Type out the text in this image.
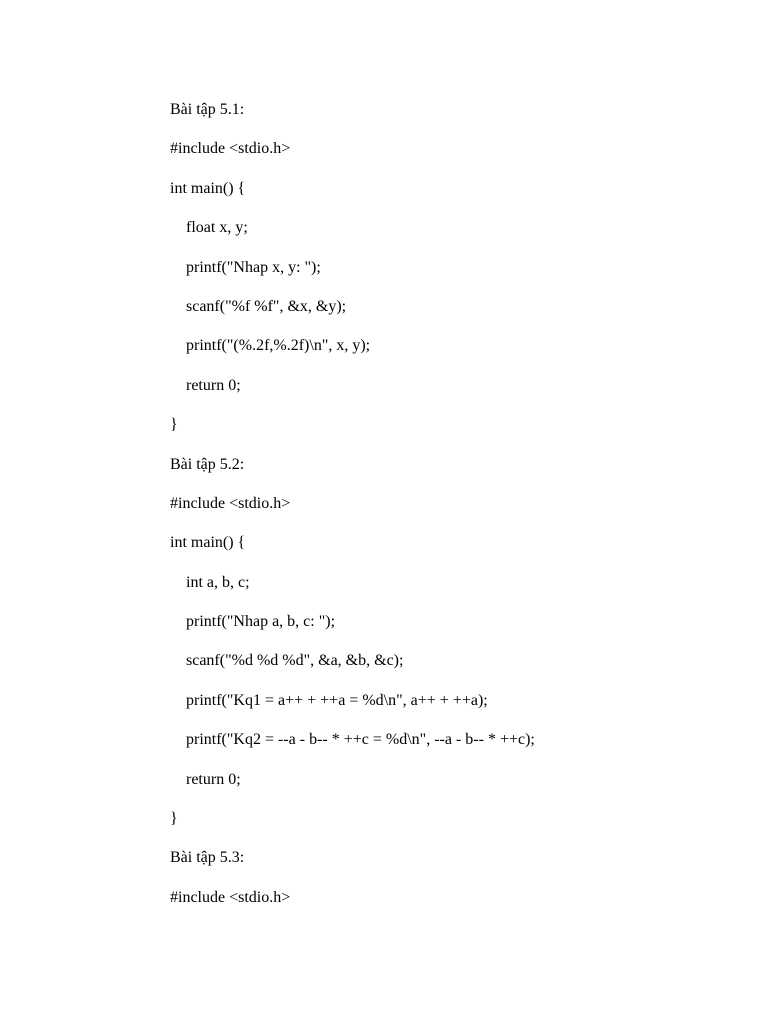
Bài tập 5.1:
#include <stdio.h>
int main() {
float x, y;
printf("Nhap x, y: ");
scanf("%f %f", &x, &y);
printf("(%.2f,%.2f)\n", x, y);
return 0;
}
Bài tập 5.2:
#include <stdio.h>
int main() {
int a, b, c;
printf("Nhap a, b, c: ");
scanf("%d %d %d", &a, &b, &c);
printf("Kq1 = a++ + ++a = %d\n", a++ + ++a);
printf("Kq2 = --a - b-- * ++c = %d\n", --a - b-- * ++c);
return 0;
}
Bài tập 5.3:
#include <stdio.h>
